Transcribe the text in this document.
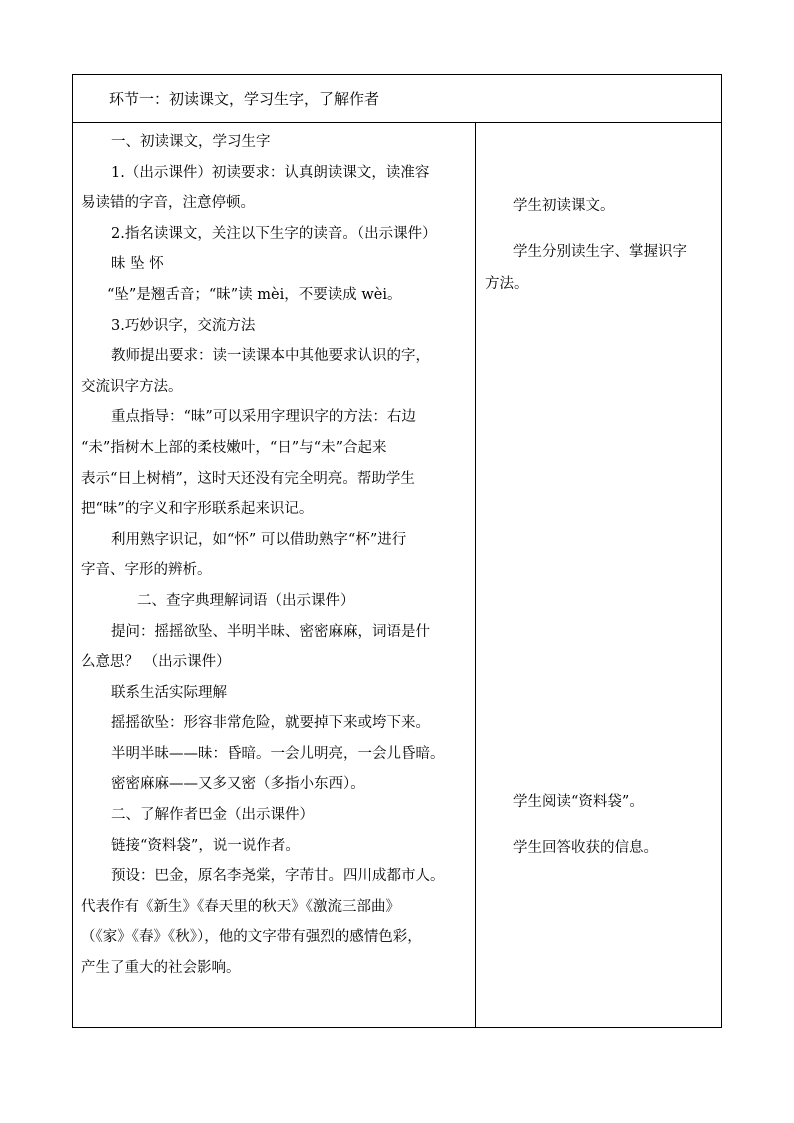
环节一：初读课文，学习生字，了解作者
一、初读课文，学习生字
1.（出示课件）初读要求：认真朗读课文，读准容
易读错的字音，注意停顿。
2.指名读课文，关注以下生字的读音。（出示课件）
昧 坠 怀
“坠”是翘舌音；“昧”读 mèi，不要读成 wèi。
3.巧妙识字，交流方法
教师提出要求：读一读课本中其他要求认识的字，
交流识字方法。
重点指导：“昧”可以采用字理识字的方法：右边
“未”指树木上部的柔枝嫩叶，“日”与“未”合起来
表示“日上树梢”，这时天还没有完全明亮。帮助学生
把“昧”的字义和字形联系起来识记。
利用熟字识记，如“怀” 可以借助熟字“杯”进行
字音、字形的辨析。
二、查字典理解词语（出示课件）
提问：摇摇欲坠、半明半昧、密密麻麻，词语是什
么意思？ （出示课件）
联系生活实际理解
摇摇欲坠：形容非常危险，就要掉下来或垮下来。
半明半昧——昧：昏暗。一会儿明亮，一会儿昏暗。
密密麻麻——又多又密（多指小东西）。
二、了解作者巴金（出示课件）
链接“资料袋”，说一说作者。
预设：巴金，原名李尧棠，字芾甘。四川成都市人。
代表作有《新生》《春天里的秋天》《激流三部曲》
（《家》《春》《秋》），他的文字带有强烈的感情色彩，
产生了重大的社会影响。
学生初读课文。
学生分别读生字、掌握识字
方法。
学生阅读“资料袋”。
学生回答收获的信息。
